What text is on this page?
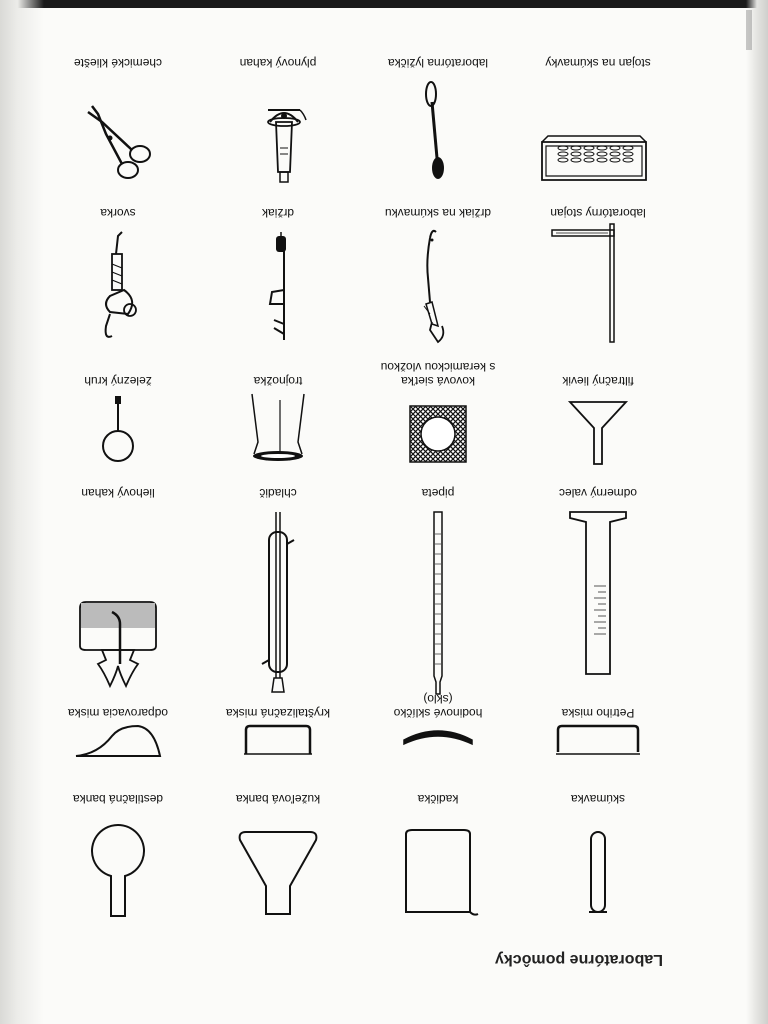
Laboratórne pomôcky
skúmavka
kadička
kužeľová banka
destilačná banka
Petriho miska
hodinové sklíčko
(sklo)
kryštalizačná miska
odparovacia miska
odmerný valec
pipeta
chladič
liehový kahan
filtračný lievik
kovová sieťka
s keramickou vložkou
trojnožka
železný kruh
laboratórny stojan
držiak na skúmavku
držiak
svorka
stojan na skúmavky
laboratórna lyžička
plynový kahan
chemické kliešte
